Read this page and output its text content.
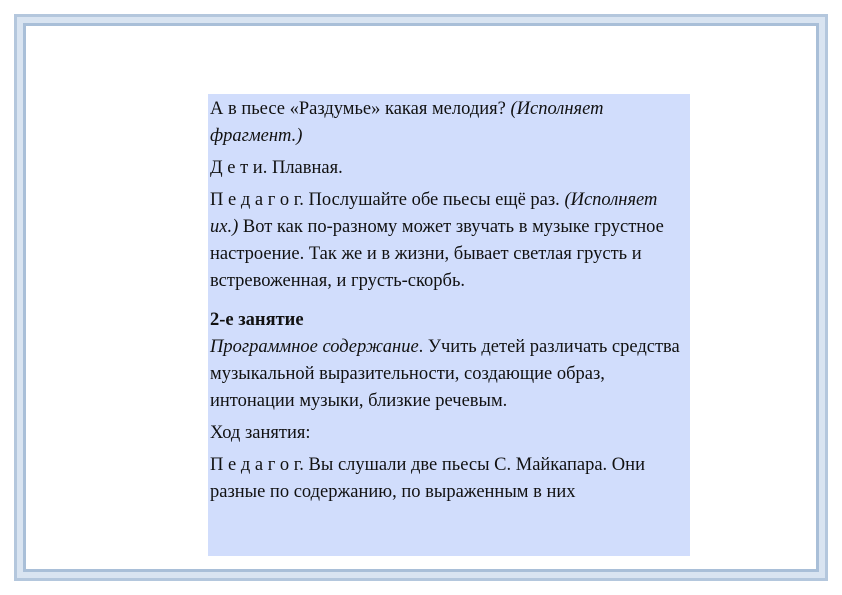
А в пьесе «Раздумье» какая мелодия? (Исполняет фрагмент.)

Д е т и. Плавная.

П е д а г о г. Послушайте обе пьесы ещё раз. (Исполняет их.) Вот как по-разному может звучать в музыке грустное настроение. Так же и в жизни, бывает светлая грусть и встревоженная, и грусть-скорбь.

2-е занятие
Программное содержание. Учить детей различать средства музыкальной выразительности, создающие образ, интонации музыки, близкие речевым.

Ход занятия:

П е д а г о г. Вы слушали две пьесы С. Майкапара. Они разные по содержанию, по выраженным в них
